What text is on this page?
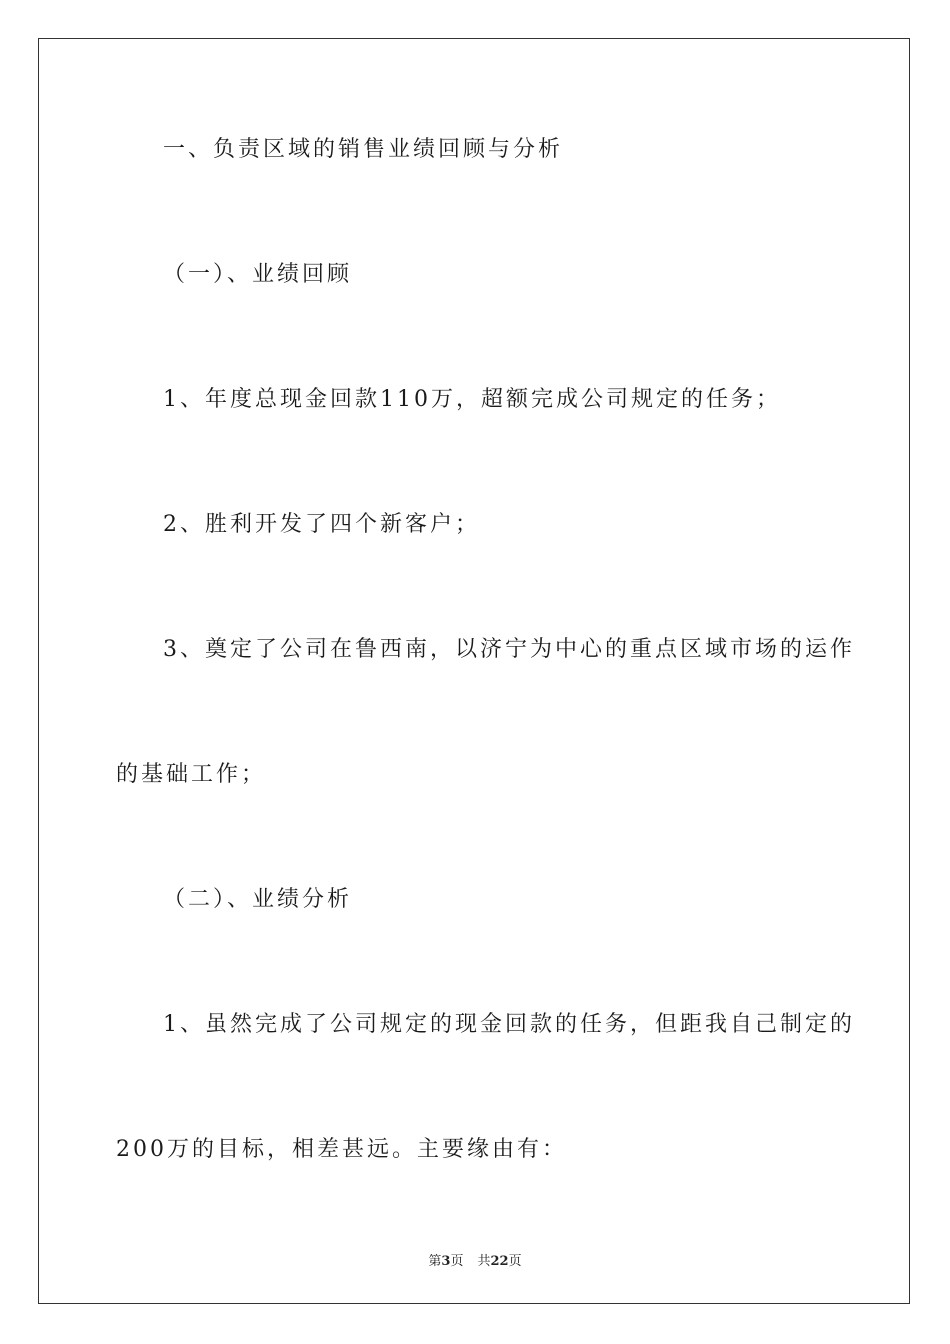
一、负责区域的销售业绩回顾与分析
（一）、业绩回顾
1、年度总现金回款110万，超额完成公司规定的任务；
2、胜利开发了四个新客户；
3、奠定了公司在鲁西南，以济宁为中心的重点区域市场的运作
的基础工作；
（二）、业绩分析
1、虽然完成了公司规定的现金回款的任务，但距我自己制定的
200万的目标，相差甚远。主要缘由有：
第3页 共22页
